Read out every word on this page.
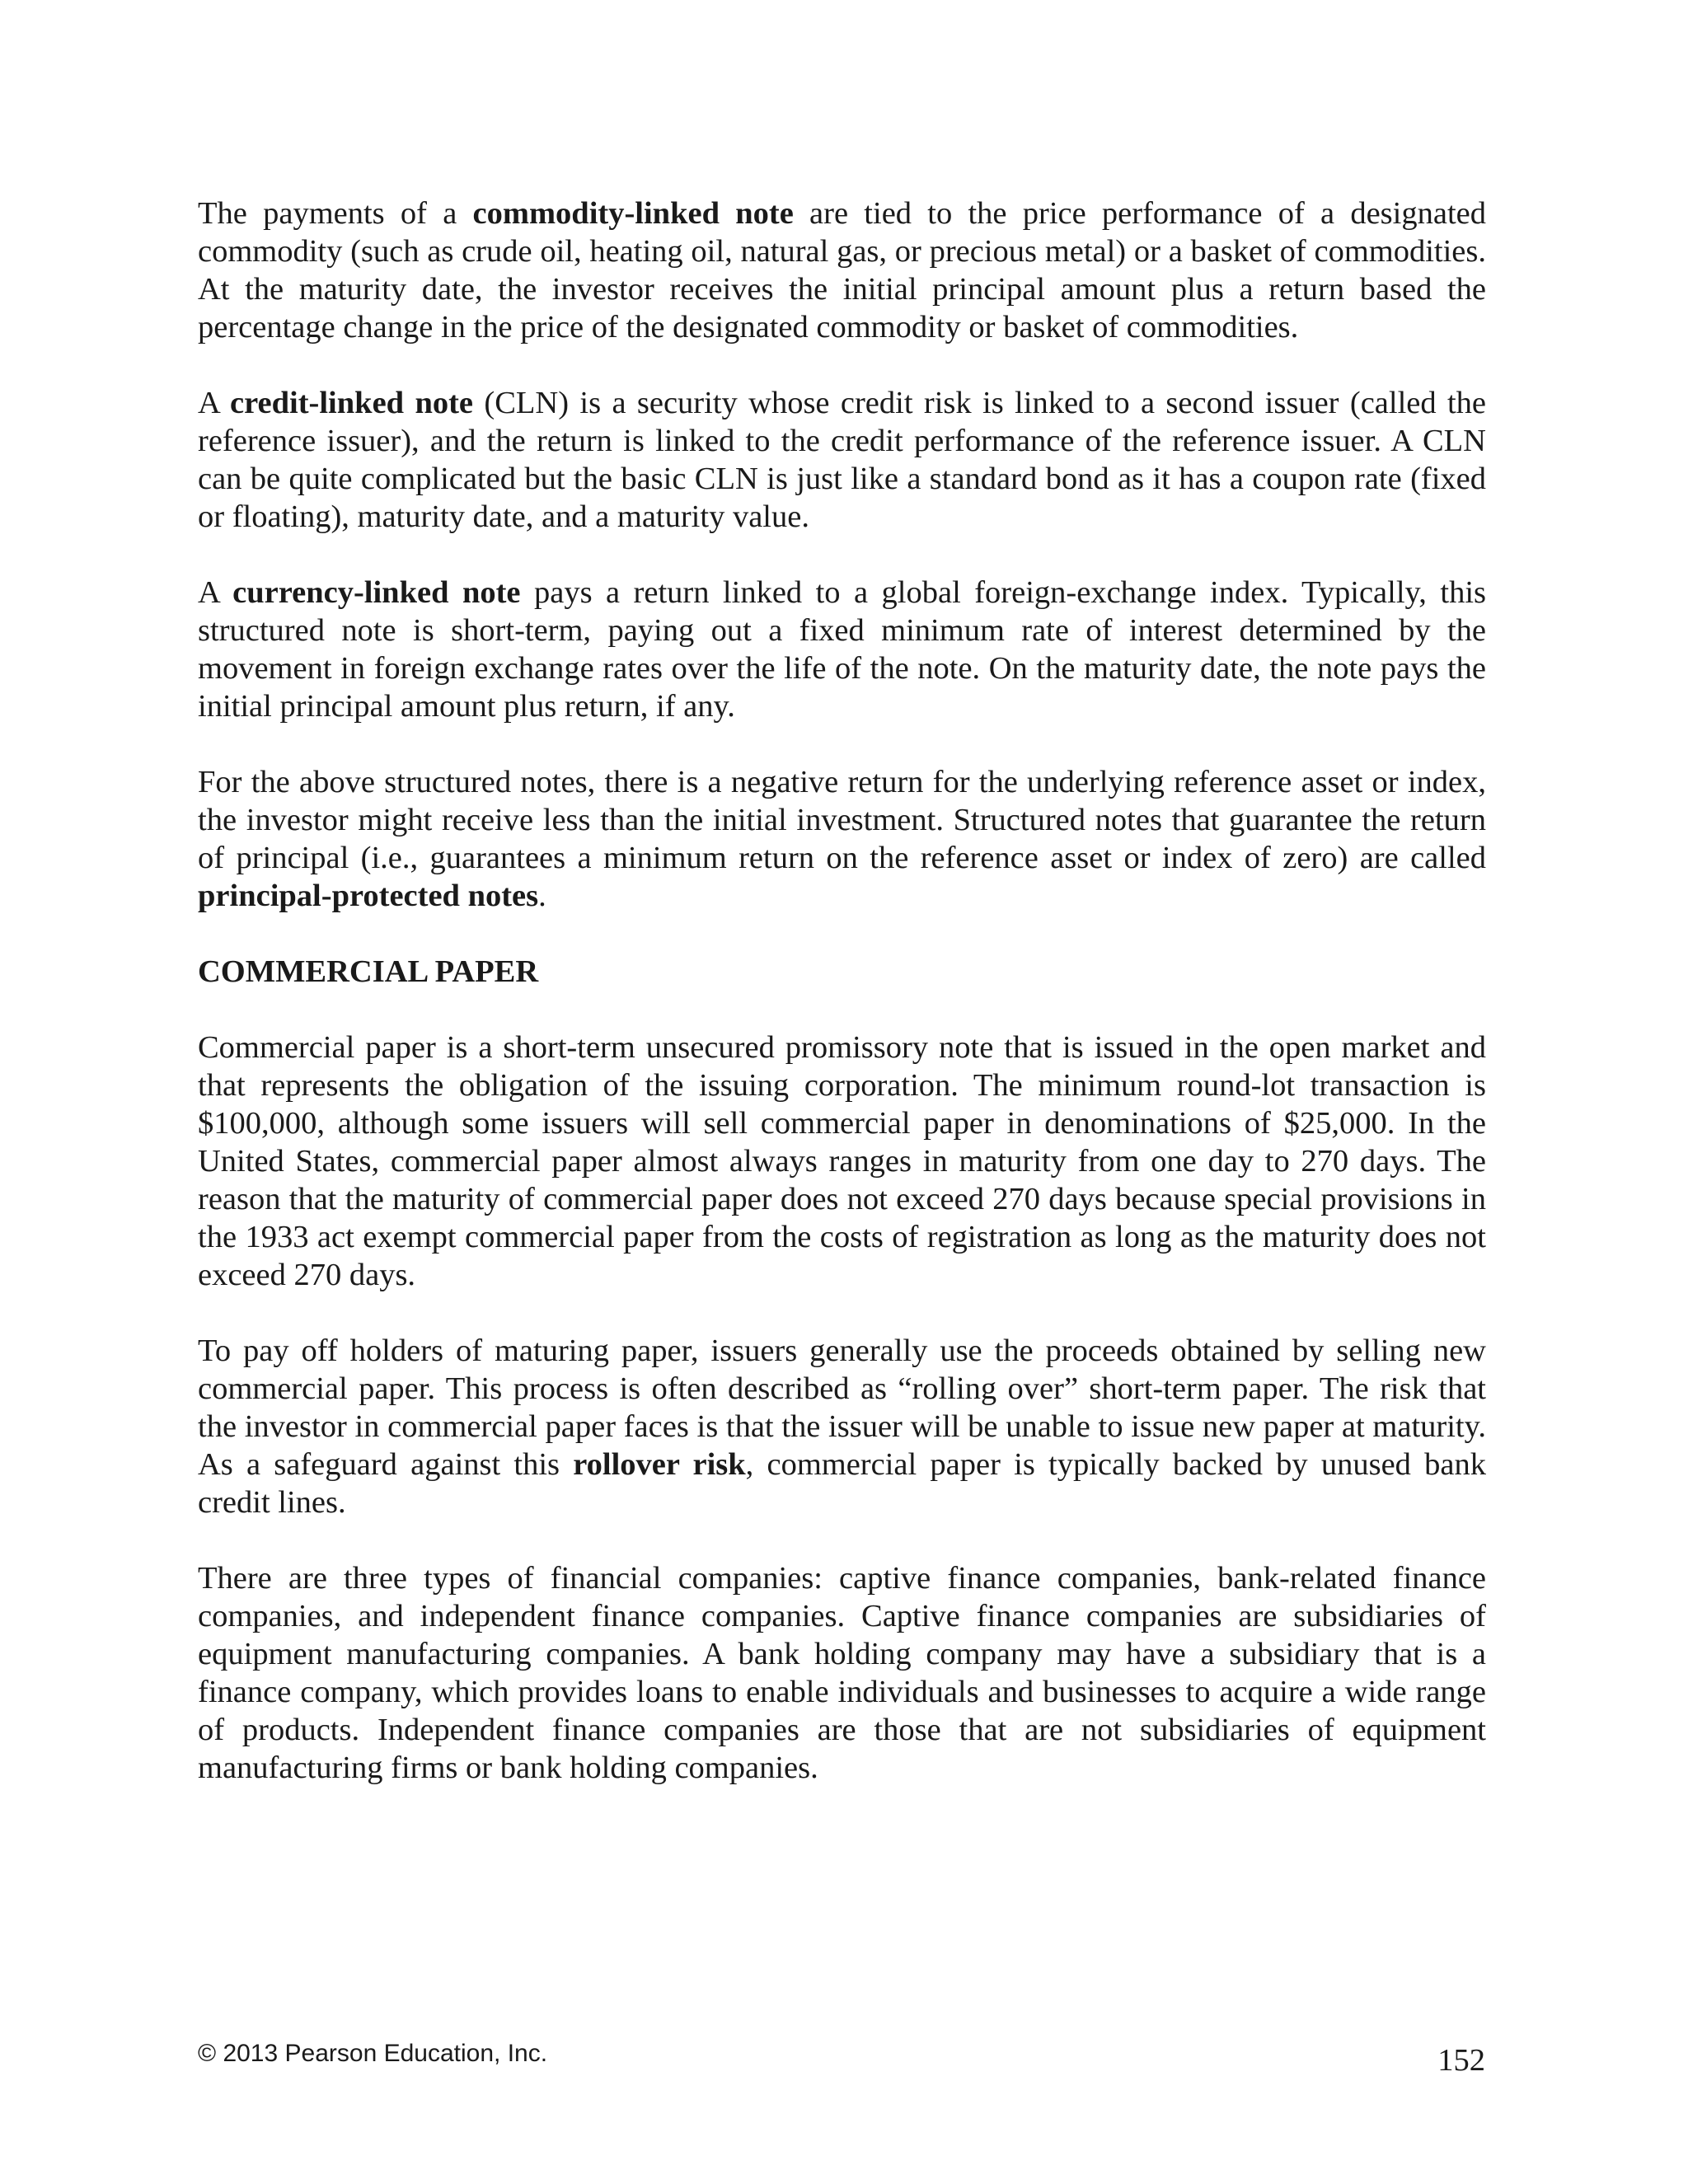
The payments of a commodity-linked note are tied to the price performance of a designated commodity (such as crude oil, heating oil, natural gas, or precious metal) or a basket of commodities. At the maturity date, the investor receives the initial principal amount plus a return based the percentage change in the price of the designated commodity or basket of commodities.

A credit-linked note (CLN) is a security whose credit risk is linked to a second issuer (called the reference issuer), and the return is linked to the credit performance of the reference issuer. A CLN can be quite complicated but the basic CLN is just like a standard bond as it has a coupon rate (fixed or floating), maturity date, and a maturity value.

A currency-linked note pays a return linked to a global foreign-exchange index. Typically, this structured note is short-term, paying out a fixed minimum rate of interest determined by the movement in foreign exchange rates over the life of the note. On the maturity date, the note pays the initial principal amount plus return, if any.

For the above structured notes, there is a negative return for the underlying reference asset or index, the investor might receive less than the initial investment. Structured notes that guarantee the return of principal (i.e., guarantees a minimum return on the reference asset or index of zero) are called principal-protected notes.

COMMERCIAL PAPER

Commercial paper is a short-term unsecured promissory note that is issued in the open market and that represents the obligation of the issuing corporation. The minimum round-lot transaction is $100,000, although some issuers will sell commercial paper in denominations of $25,000. In the United States, commercial paper almost always ranges in maturity from one day to 270 days. The reason that the maturity of commercial paper does not exceed 270 days because special provisions in the 1933 act exempt commercial paper from the costs of registration as long as the maturity does not exceed 270 days.

To pay off holders of maturing paper, issuers generally use the proceeds obtained by selling new commercial paper. This process is often described as “rolling over” short-term paper. The risk that the investor in commercial paper faces is that the issuer will be unable to issue new paper at maturity. As a safeguard against this rollover risk, commercial paper is typically backed by unused bank credit lines.

There are three types of financial companies: captive finance companies, bank-related finance companies, and independent finance companies. Captive finance companies are subsidiaries of equipment manufacturing companies. A bank holding company may have a subsidiary that is a finance company, which provides loans to enable individuals and businesses to acquire a wide range of products. Independent finance companies are those that are not subsidiaries of equipment manufacturing firms or bank holding companies.

© 2013 Pearson Education, Inc.	152
